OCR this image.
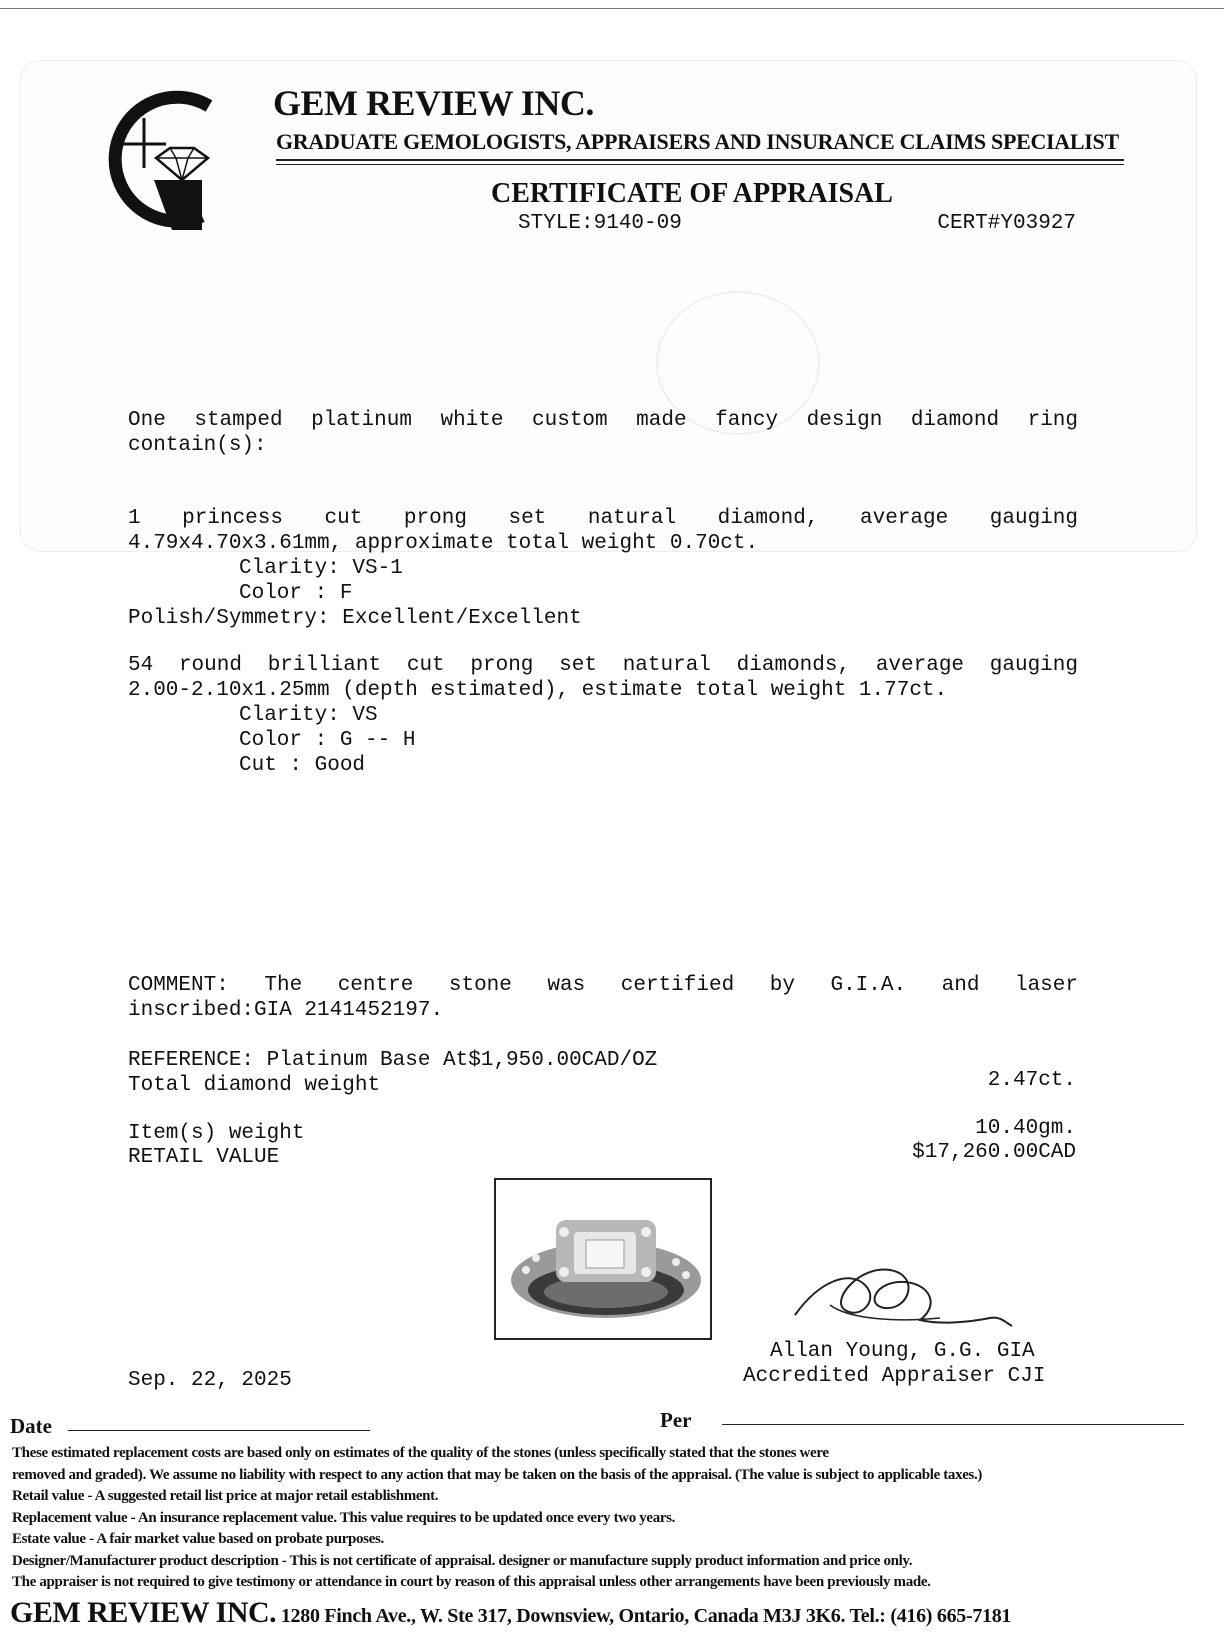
GEM REVIEW INC.
GRADUATE GEMOLOGISTS, APPRAISERS AND INSURANCE CLAIMS SPECIALIST
CERTIFICATE OF APPRAISAL
STYLE:9140-09	CERT#Y03927
One stamped platinum white custom made fancy design diamond ring
contain(s):
1 princess cut prong set natural diamond, average gauging
4.79x4.70x3.61mm, approximate total weight 0.70ct.
Clarity: VS-1
Color : F
Polish/Symmetry: Excellent/Excellent
54 round brilliant cut prong set natural diamonds, average gauging
2.00-2.10x1.25mm (depth estimated), estimate total weight 1.77ct.
Clarity: VS
Color : G -- H
Cut : Good
COMMENT: The centre stone was certified by G.I.A. and laser
inscribed:GIA 2141452197.
REFERENCE: Platinum Base At$1,950.00CAD/OZ
Total diamond weight	2.47ct.
Item(s) weight	10.40gm.
RETAIL VALUE	$17,260.00CAD
Sep. 22, 2025
Allan Young, G.G. GIA
Accredited Appraiser CJI
Date	Per
These estimated replacement costs are based only on estimates of the quality of the stones (unless specifically stated that the stones were
removed and graded). We assume no liability with respect to any action that may be taken on the basis of the appraisal. (The value is subject to applicable taxes.)
Retail value - A suggested retail list price at major retail establishment.
Replacement value - An insurance replacement value. This value requires to be updated once every two years.
Estate value - A fair market value based on probate purposes.
Designer/Manufacturer product description - This is not certificate of appraisal. designer or manufacture supply product information and price only.
The appraiser is not required to give testimony or attendance in court by reason of this appraisal unless other arrangements have been previously made.
GEM REVIEW INC. 1280 Finch Ave., W. Ste 317, Downsview, Ontario, Canada M3J 3K6. Tel.: (416) 665-7181
